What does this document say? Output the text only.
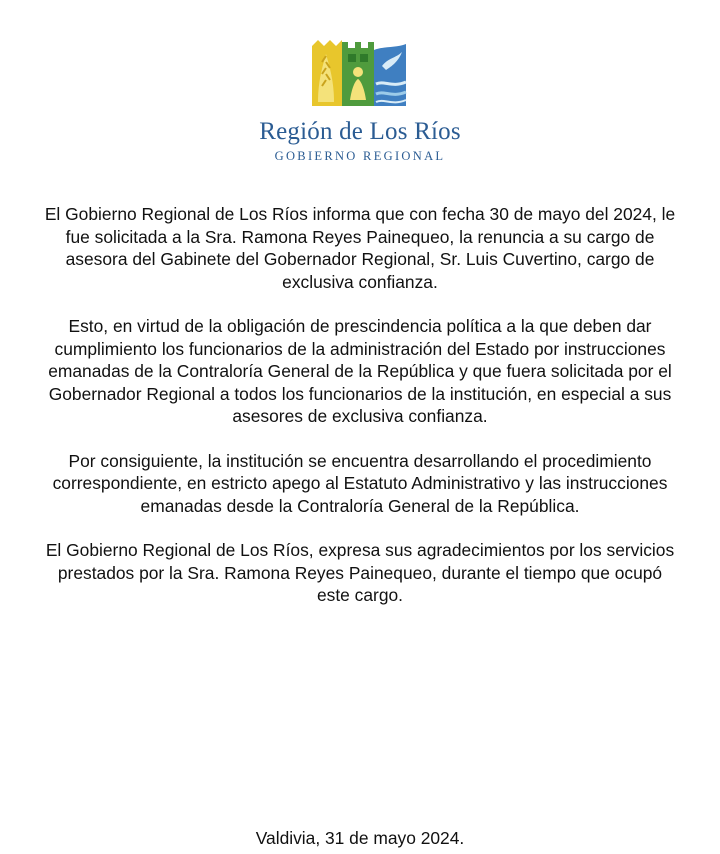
Región de Los Ríos
GOBIERNO REGIONAL

El Gobierno Regional de Los Ríos informa que con fecha 30 de mayo del 2024, le fue solicitada a la Sra. Ramona Reyes Painequeo, la renuncia a su cargo de asesora del Gabinete del Gobernador Regional, Sr. Luis Cuvertino, cargo de exclusiva confianza.

Esto, en virtud de la obligación de prescindencia política a la que deben dar cumplimiento los funcionarios de la administración del Estado por instrucciones emanadas de la Contraloría General de la República y que fuera solicitada por el Gobernador Regional a todos los funcionarios de la institución, en especial a sus asesores de exclusiva confianza.

Por consiguiente, la institución se encuentra desarrollando el procedimiento correspondiente, en estricto apego al Estatuto Administrativo y las instrucciones emanadas desde la Contraloría General de la República.

El Gobierno Regional de Los Ríos, expresa sus agradecimientos por los servicios prestados por la Sra. Ramona Reyes Painequeo, durante el tiempo que ocupó este cargo.

Valdivia, 31 de mayo 2024.
